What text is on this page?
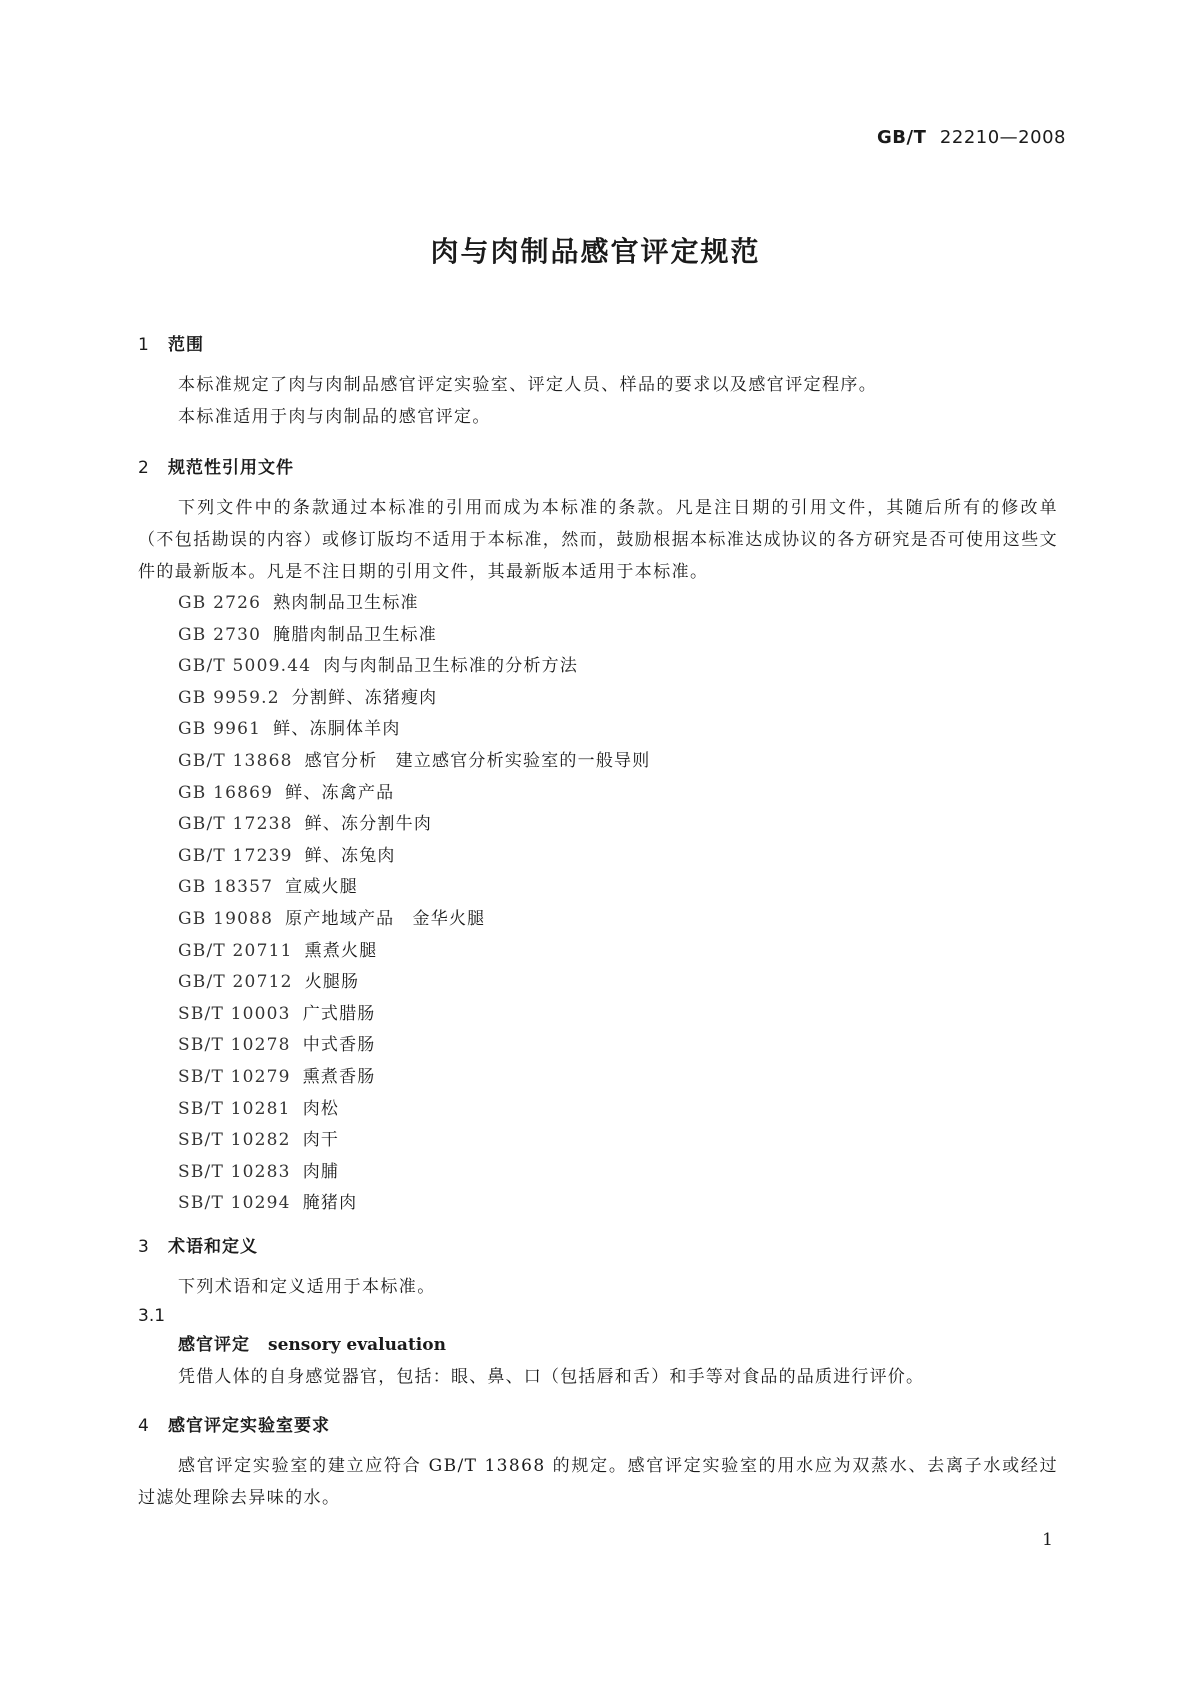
GB/T 22210—2008
肉与肉制品感官评定规范
1 范围
本标准规定了肉与肉制品感官评定实验室、评定人员、样品的要求以及感官评定程序。
本标准适用于肉与肉制品的感官评定。
2 规范性引用文件
下列文件中的条款通过本标准的引用而成为本标准的条款。凡是注日期的引用文件，其随后所有的修改单（不包括勘误的内容）或修订版均不适用于本标准，然而，鼓励根据本标准达成协议的各方研究是否可使用这些文件的最新版本。凡是不注日期的引用文件，其最新版本适用于本标准。
GB 2726 熟肉制品卫生标准
GB 2730 腌腊肉制品卫生标准
GB/T 5009.44 肉与肉制品卫生标准的分析方法
GB 9959.2 分割鲜、冻猪瘦肉
GB 9961 鲜、冻胴体羊肉
GB/T 13868 感官分析　建立感官分析实验室的一般导则
GB 16869 鲜、冻禽产品
GB/T 17238 鲜、冻分割牛肉
GB/T 17239 鲜、冻兔肉
GB 18357 宣威火腿
GB 19088 原产地域产品　金华火腿
GB/T 20711 熏煮火腿
GB/T 20712 火腿肠
SB/T 10003 广式腊肠
SB/T 10278 中式香肠
SB/T 10279 熏煮香肠
SB/T 10281 肉松
SB/T 10282 肉干
SB/T 10283 肉脯
SB/T 10294 腌猪肉
3 术语和定义
下列术语和定义适用于本标准。
3.1
感官评定 sensory evaluation
凭借人体的自身感觉器官，包括：眼、鼻、口（包括唇和舌）和手等对食品的品质进行评价。
4 感官评定实验室要求
感官评定实验室的建立应符合 GB/T 13868 的规定。感官评定实验室的用水应为双蒸水、去离子水或经过过滤处理除去异味的水。
1
